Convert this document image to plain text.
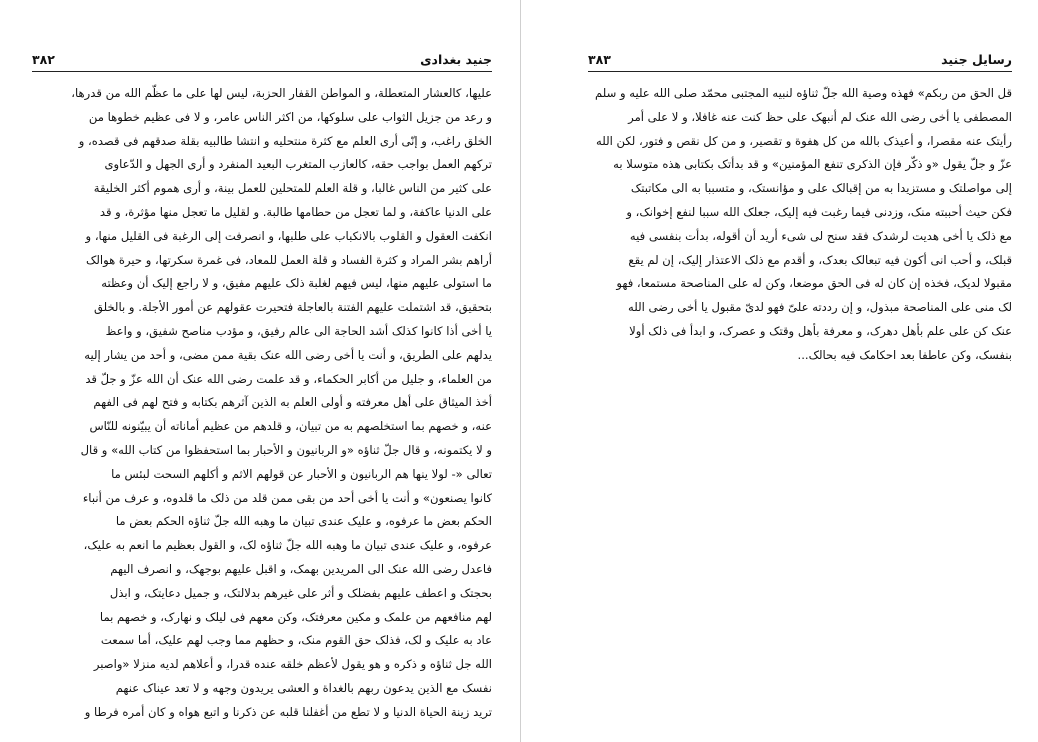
جنید بغدادی
۳۸۲
علیها، کالعشار المتعطلة، و المواطن القفار الحزبة، لیس لها علی ما عظّم الله من قدرها،
و رعد من جزیل الثواب علی سلوکها، من اکثر الناس عامر، و لا فی عظیم خطوها من
الخلق راغب، و إنّی أری العلم مع کثرة منتحلیه و انتشا طالبیه بقلة صدقهم فی قصده، و
ترکهم العمل بواجب حقه، کالعازب المتغرب البعید المنفرد و أری الجهل و الدّعاوی
علی کثیر من الناس غالبا، و قلة العلم للمتحلین للعمل بینة، و أری هموم أکثر الخلیقة
علی الدنیا عاکفة، و لما تعجل من حطامها طالبة. و لقلیل ما تعجل منها مؤثرة، و قد
انکفت العقول و القلوب بالانکباب علی طلبها، و انصرفت إلی الرغبة فی القلیل منها، و
أراهم بشر المراد و کثرة الفساد و قلة العمل للمعاد، فی غمرة سکرتها، و حیرة هوالک
ما استولی علیهم منها، لیس فیهم لغلبة ذلک علیهم مفیق، و لا راجع إلیک أن وعظته
بتحقیق، قد اشتملت علیهم الفتنة بالعاجلة فتحیرت عقولهم عن أمور الأجلة. و بالخلق
یا أخی أذا کانوا کذلک أشد الحاجة الی عالم رفیق، و مؤدب مناصح شفیق، و واعظ
یدلهم علی الطریق، و أنت یا أخی رضی الله عنک بقیة ممن مضی، و أحد من یشار إلیه
من العلماء، و جلیل من أکابر الحکماء، و قد علمت رضی الله عنک أن الله عزّ و جلّ قد
أخذ المیثاق علی أهل معرفته و أولی العلم به الذین آثرهم بکتابه و فتح لهم فی الفهم
عنه، و خصهم بما استخلصهم به من تبیان، و قلدهم من عظیم أماناته أن یبیّنونه للنّاس
و لا یکتمونه، و قال جلّ ثناؤه «و الربانیون و الأحبار بما استحفظوا من کتاب الله» و قال
تعالی «- لولا ینها هم الربانیون و الأحبار عن قولهم الاثم و أکلهم السحت لبئس ما
کانوا یصنعون» و أنت یا أخی أحد من بقی ممن قلد من ذلک ما قلدوه، و عرف من أنباء
الحکم بعض ما عرفوه، و علیک عندی تبیان ما وهبه الله جلّ ثناؤه الحکم بعض ما
عرفوه، و علیک عندی تبیان ما وهبه الله جلّ ثناؤه لک، و القول بعظیم ما انعم به علیک،
فاعدل رضی الله عنک الی المریدین بهمک، و اقبل علیهم بوجهک، و انصرف الیهم
بحجتک و اعطف علیهم بفضلک و أثر علی غیرهم بدلالتک، و جمیل دعایتک، و ابذل
لهم منافعهم من علمک و مکین معرفتک، وکن معهم فی لیلک و نهارک، و خصهم بما
عاد به علیک و لک، فذلک حق القوم منک، و حظهم مما وجب لهم علیک، أما سمعت
الله جل ثناؤه و ذکره و هو یقول لأعظم خلقه عنده قدرا، و أعلاهم لدیه منزلا «واصبر
نفسک مع الذین یدعون ربهم بالغداة و العشی یریدون وجهه و لا تعد عیناک عنهم
ترید زینة الحیاة الدنیا و لا تطع من أغفلنا قلبه عن ذکرنا و اتبع هواه و کان أمره فرطا و
رسایل جنید
۳۸۳
قل الحق من ربکم» فهذه وصیة الله جلّ ثناؤه لنبیه المجتبی محمّد صلی الله علیه و سلم
المصطفی یا أخی رضی الله عنک لم أنبهک علی حظ کنت عنه غافلا، و لا علی أمر
رأیتک عنه مقصرا، و أعیذک بالله من کل هفوة و تقصیر، و من کل نقص و فتور، لکن الله
عزّ و جلّ یقول «و ذکّر فإن الذکری تنفع المؤمنین» و قد بدأتک بکتابی هذه متوسلا به
إلی مواصلتک و مستزیدا به من إقبالک علی و مؤانستک، و متسببا به الی مکاتبتک
فکن حیث أحببته منک، وزدنی فیما رغبت فیه إلیک، جعلک الله سببا لنفع إخوانک، و
مع ذلک یا أخی هدیت لرشدک فقد سنح لی شیء أرید أن أقوله، بدأت بنفسی فیه
قبلک، و أحب انی أکون فیه تبعالک بعدک، و أقدم مع ذلک الاعتذار إلیک، إن لم یقع
مقبولا لدیک، فخذه إن کان له فی الحق موضعا، وکن له علی المناصحة مستمعا، فهو
لک منی علی المناصحة مبذول، و إن رددته علیّ فهو لدیّ مقبول یا أخی رضی الله
عنک کن علی علم بأهل دهرک، و معرفة بأهل وقتک و عصرک، و ابدأ فی ذلک أولا
بنفسک، وکن عاطفا بعد احکامک فیه بحالک...
